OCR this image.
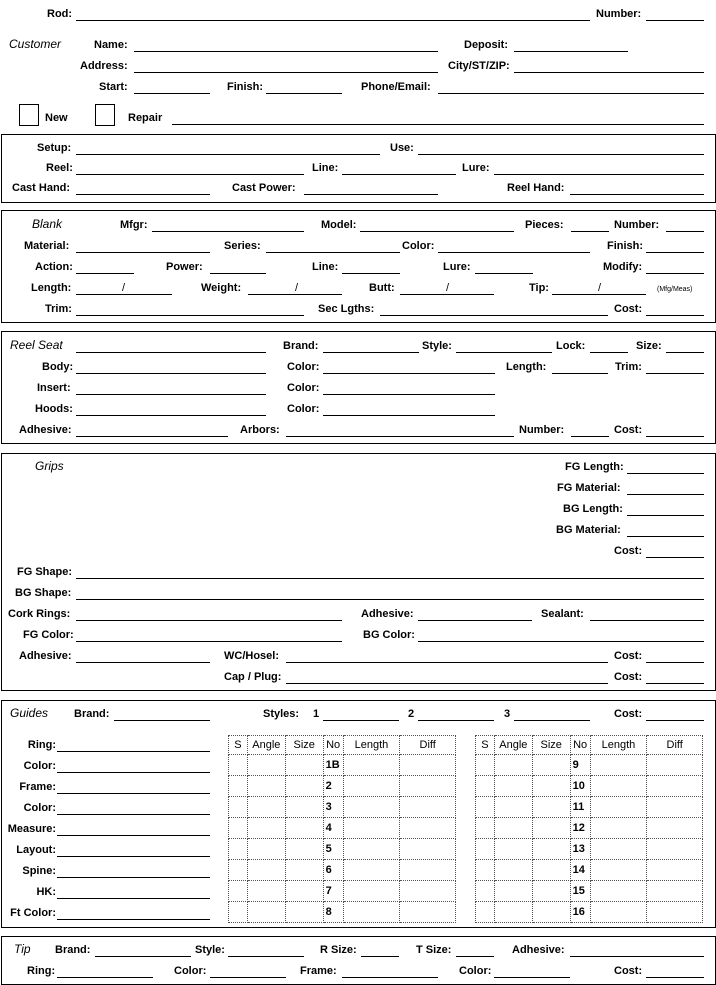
Rod:	Number:
Customer	Name:	Deposit:
Address:	City/ST/ZIP:
Start:	Finish:	Phone/Email:
New	Repair
Setup:	Use:
Reel:	Line:	Lure:
Cast Hand:	Cast Power:	Reel Hand:
Blank	Mfgr:	Model:	Pieces:	Number:
Material:	Series:	Color:	Finish:
Action:	Power:	Line:	Lure:	Modify:
Length:	/	Weight:	/	Butt:	/	Tip:	/	(Mfg/Meas)
Trim:	Sec Lgths:	Cost:
Reel Seat	Brand:	Style:	Lock:	Size:
Body:	Color:	Length:	Trim:
Insert:	Color:
Hoods:	Color:
Adhesive:	Arbors:	Number:	Cost:
Grips	FG Length:
FG Material:
BG Length:
BG Material:
Cost:
FG Shape:
BG Shape:
Cork Rings:	Adhesive:	Sealant:
FG Color:	BG Color:
Adhesive:	WC/Hosel:	Cost:
Cap / Plug:	Cost:
Guides Brand:	Styles: 1	2	3	Cost:
Ring:
Color:
Frame:
Color:
Measure:
Layout:
Spine:
HK:
Ft Color:
S	Angle	Size	No	Length	Diff
			1B		
			2		
			3		
			4		
			5		
			6		
			7		
			8		
S	Angle	Size	No	Length	Diff
			9		
			10		
			11		
			12		
			13		
			14		
			15		
			16		
Tip Brand:	Style:	R Size:	T Size:	Adhesive:
Ring:	Color:	Frame:	Color:	Cost:
